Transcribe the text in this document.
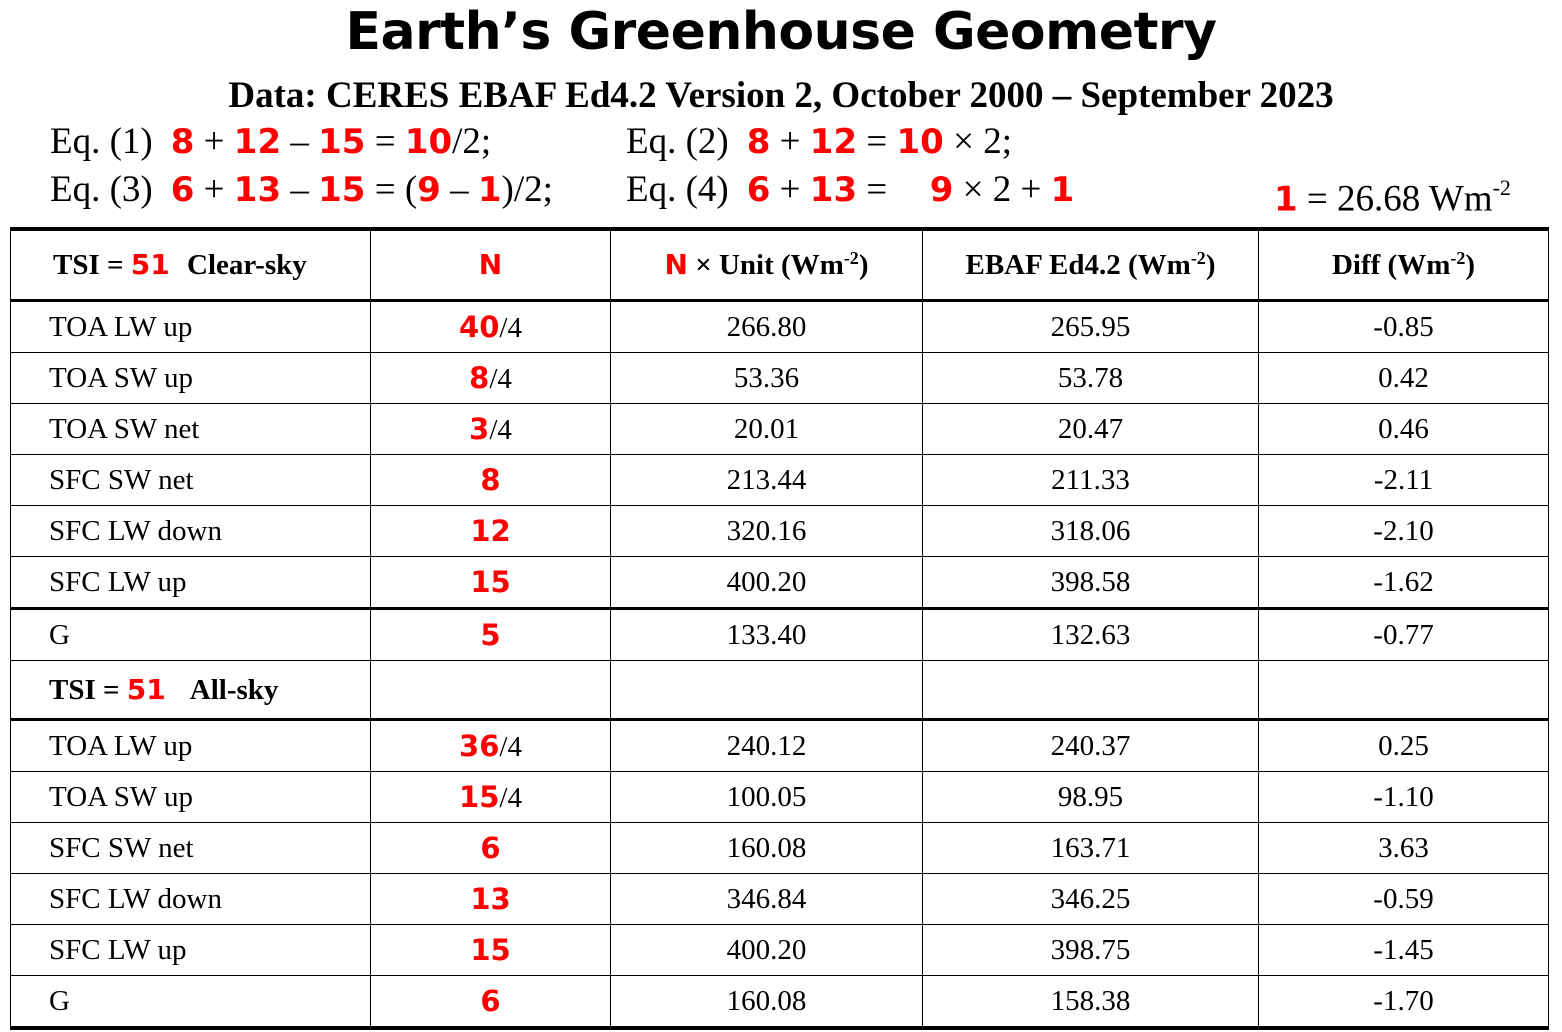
Earth’s Greenhouse Geometry
Data: CERES EBAF Ed4.2 Version 2, October 2000 – September 2023
Eq. (1) 8 + 12 – 15 = 10/2;	Eq. (2) 8 + 12 = 10 × 2;
Eq. (3) 6 + 13 – 15 = (9 – 1)/2; Eq. (4) 6 + 13 = 9 × 2 + 1	1 = 26.68 $Wm^{-2}$
TSI = 51 Clear-sky	N	N × Unit $(Wm^{-2})$	EBAF Ed4.2 $(Wm^{-2})$	Diff $(Wm^{-2})$
TOA LW up	40/4	266.80	265.95	-0.85
TOA SW up	8/4	53.36	53.78	0.42
TOA SW net	3/4	20.01	20.47	0.46
SFC SW net	8	213.44	211.33	-2.11
SFC LW down	12	320.16	318.06	-2.10
SFC LW up	15	400.20	398.58	-1.62
G	5	133.40	132.63	-0.77
TSI = 51 All-sky				
TOA LW up	36/4	240.12	240.37	0.25
TOA SW up	15/4	100.05	98.95	-1.10
SFC SW net	6	160.08	163.71	3.63
SFC LW down	13	346.84	346.25	-0.59
SFC LW up	15	400.20	398.75	-1.45
G	6	160.08	158.38	-1.70
